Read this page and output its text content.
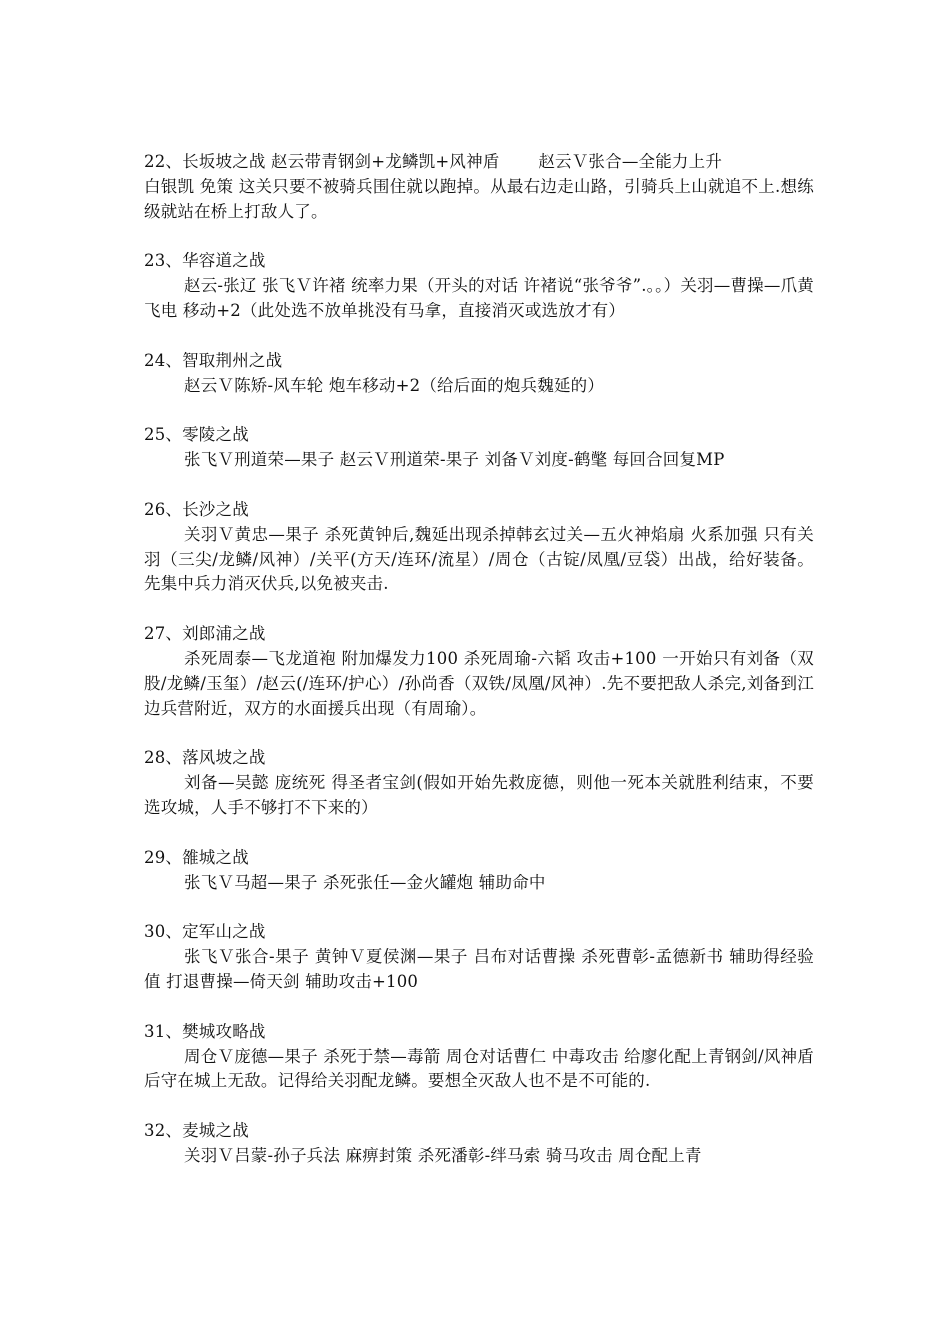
22、长坂坡之战 赵云带青钢剑+龙鳞凯+风神盾　　 赵云Ｖ张合—全能力上升
白银凯 免策 这关只要不被骑兵围住就以跑掉。从最右边走山路，引骑兵上山就追不上.想练级就站在桥上打敌人了。
23、华容道之战
赵云-张辽 张飞Ｖ许褚 统率力果（开头的对话 许褚说“张爷爷”.。。）关羽—曹操—爪黄飞电 移动+2（此处选不放单挑没有马拿，直接消灭或选放才有）
24、智取荆州之战
赵云Ｖ陈矫-风车轮 炮车移动+2（给后面的炮兵魏延的）
25、零陵之战
张飞Ｖ刑道荣—果子 赵云Ｖ刑道荣-果子 刘备Ｖ刘度-鹤氅 每回合回复MP
26、长沙之战
关羽Ｖ黄忠—果子 杀死黄钟后,魏延出现杀掉韩玄过关—五火神焰扇 火系加强 只有关羽（三尖/龙鳞/风神）/关平(方天/连环/流星）/周仓（古锭/凤凰/豆袋）出战，给好装备。先集中兵力消灭伏兵,以免被夹击.
27、刘郎浦之战
杀死周泰—飞龙道袍 附加爆发力100 杀死周瑜-六韬 攻击+100 一开始只有刘备（双股/龙鳞/玉玺）/赵云(/连环/护心）/孙尚香（双铁/凤凰/风神）.先不要把敌人杀完,刘备到江边兵营附近，双方的水面援兵出现（有周瑜）。
28、落风坡之战
刘备—吴懿 庞统死 得圣者宝剑(假如开始先救庞德，则他一死本关就胜利结束，不要选攻城，人手不够打不下来的）
29、雒城之战
张飞Ｖ马超—果子 杀死张任—金火罐炮 辅助命中
30、定军山之战
张飞Ｖ张合-果子 黄钟Ｖ夏侯渊—果子 吕布对话曹操 杀死曹彰-孟德新书 辅助得经验值 打退曹操—倚天剑 辅助攻击+100
31、樊城攻略战
周仓Ｖ庞德—果子 杀死于禁—毒箭 周仓对话曹仁 中毒攻击 给廖化配上青钢剑/风神盾后守在城上无敌。记得给关羽配龙鳞。要想全灭敌人也不是不可能的.
32、麦城之战
关羽Ｖ吕蒙-孙子兵法 麻痹封策 杀死潘彰-绊马索 骑马攻击 周仓配上青
